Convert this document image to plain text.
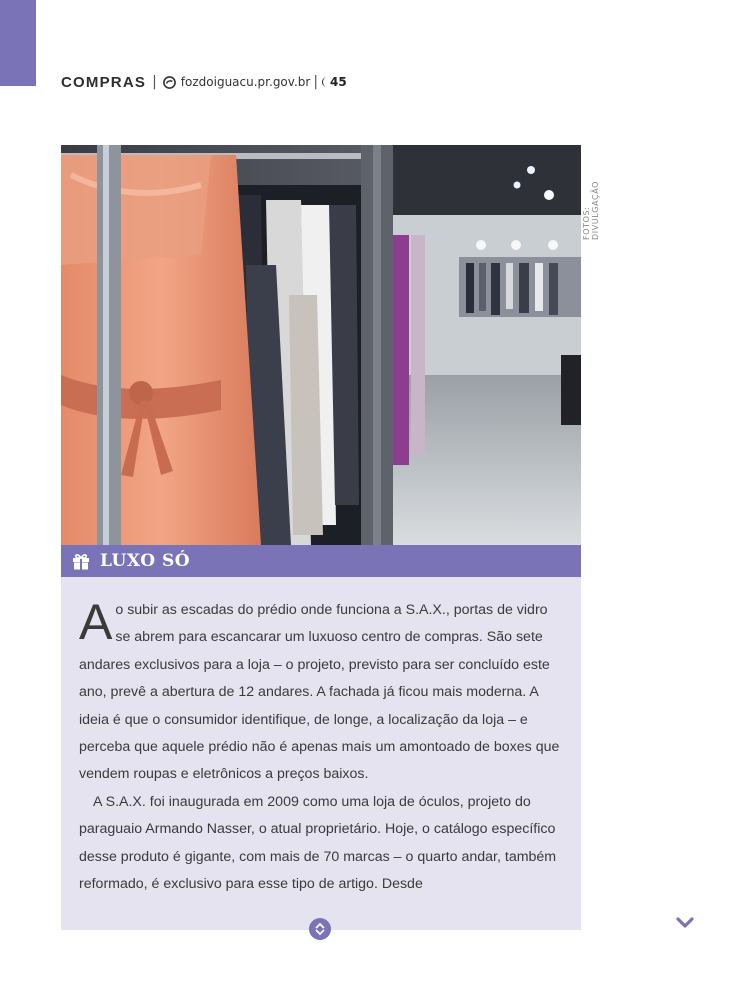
COMPRAS | fozdoiguacu.pr.gov.br | 45
FOTOS: DIVULGAÇÃO
LUXO SÓ

Ao subir as escadas do prédio onde funciona a S.A.X., portas de vidro se abrem para escancarar um luxuoso centro de compras. São sete andares exclusivos para a loja – o projeto, previsto para ser concluído este ano, prevê a abertura de 12 andares. A fachada já ficou mais moderna. A ideia é que o consumidor identifique, de longe, a localização da loja – e perceba que aquele prédio não é apenas mais um amontoado de boxes que vendem roupas e eletrônicos a preços baixos.

A S.A.X. foi inaugurada em 2009 como uma loja de óculos, projeto do paraguaio Armando Nasser, o atual proprietário. Hoje, o catálogo específico desse produto é gigante, com mais de 70 marcas – o quarto andar, também reformado, é exclusivo para esse tipo de artigo. Desde
